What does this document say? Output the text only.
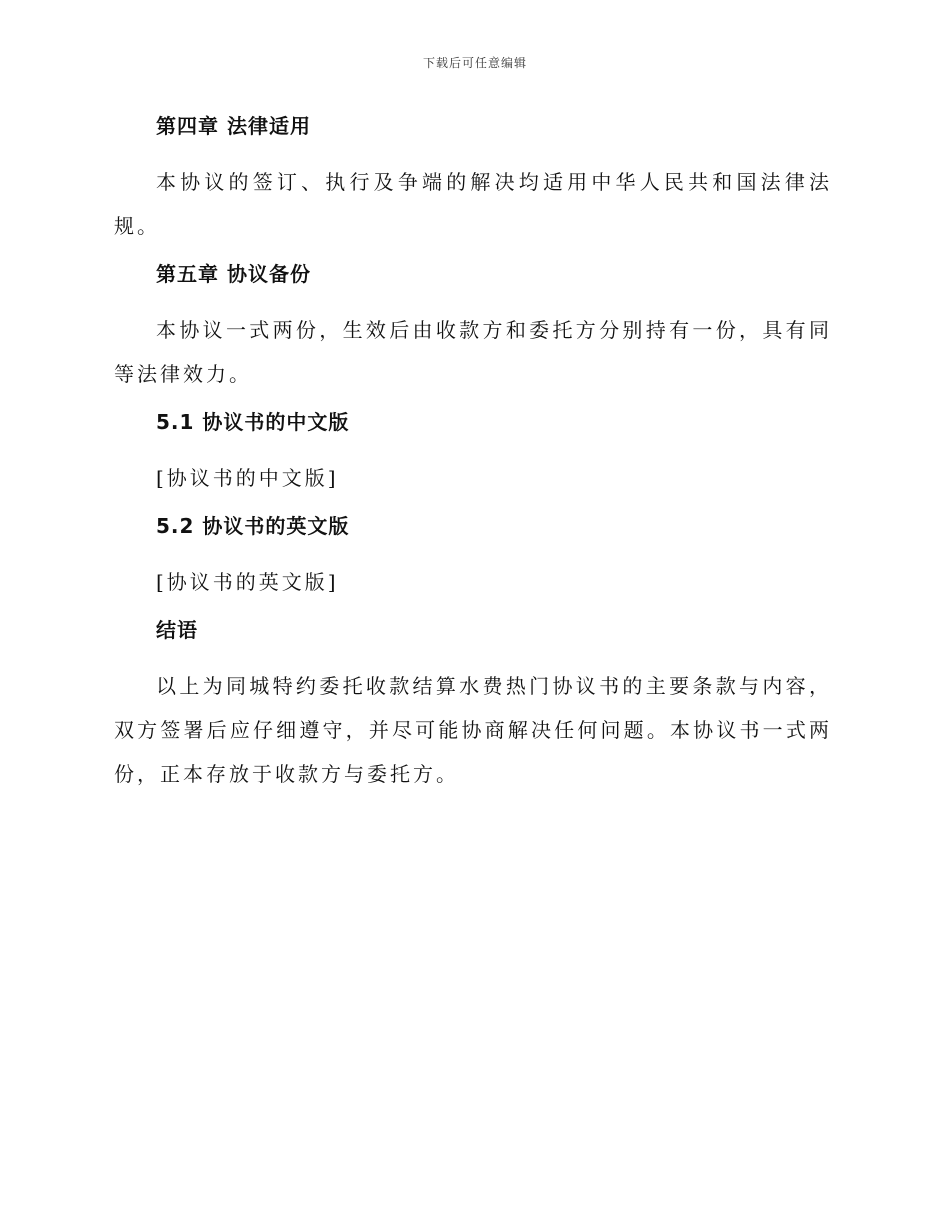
下载后可任意编辑
第四章 法律适用

本协议的签订、执行及争端的解决均适用中华人民共和国法律法规。

第五章 协议备份

本协议一式两份，生效后由收款方和委托方分别持有一份，具有同等法律效力。

5.1 协议书的中文版

[协议书的中文版]

5.2 协议书的英文版

[协议书的英文版]

结语

以上为同城特约委托收款结算水费热门协议书的主要条款与内容，双方签署后应仔细遵守，并尽可能协商解决任何问题。本协议书一式两份，正本存放于收款方与委托方。
